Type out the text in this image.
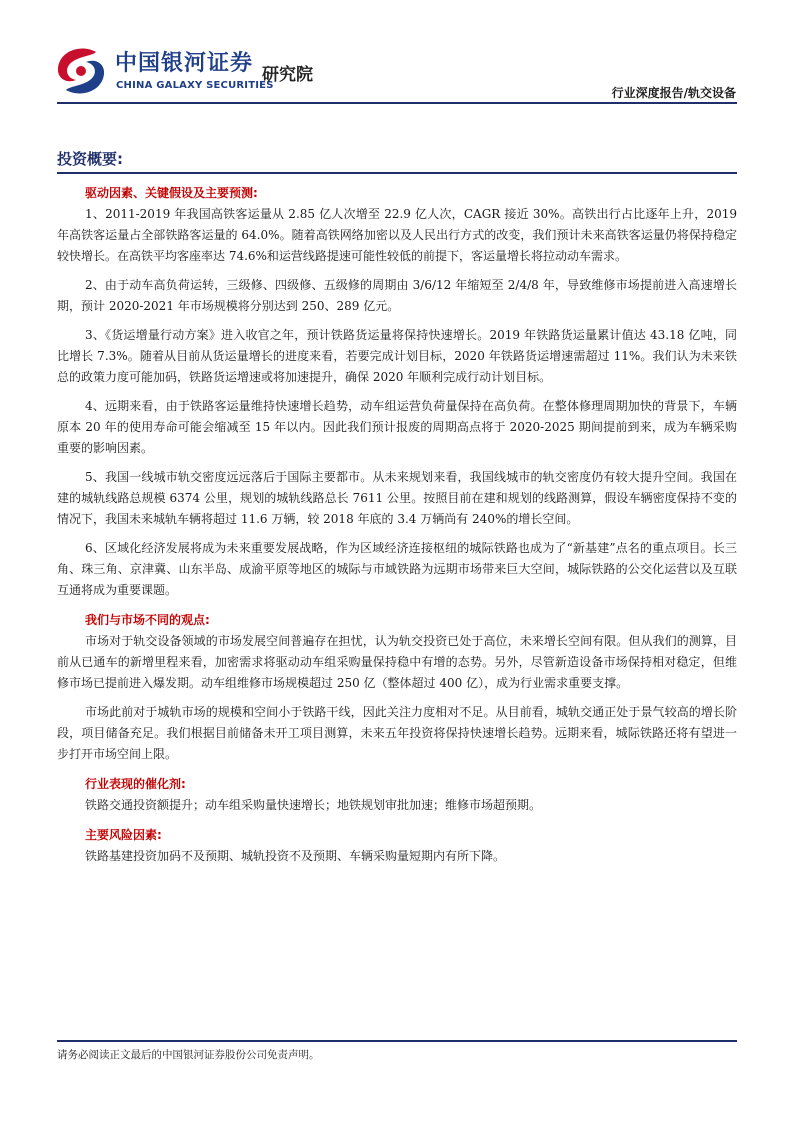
中国银河证券
CHINA GALAXY SECURITIES
研究院
行业深度报告/轨交设备
投资概要:
驱动因素、关键假设及主要预测:

1、2011-2019 年我国高铁客运量从 2.85 亿人次增至 22.9 亿人次，CAGR 接近 30%。高铁出行占比逐年上升，2019 年高铁客运量占全部铁路客运量的 64.0%。随着高铁网络加密以及人民出行方式的改变，我们预计未来高铁客运量仍将保持稳定较快增长。在高铁平均客座率达 74.6%和运营线路提速可能性较低的前提下，客运量增长将拉动动车需求。

2、由于动车高负荷运转，三级修、四级修、五级修的周期由 3/6/12 年缩短至 2/4/8 年，导致维修市场提前进入高速增长期，预计 2020-2021 年市场规模将分别达到 250、289 亿元。

3、《货运增量行动方案》进入收官之年，预计铁路货运量将保持快速增长。2019 年铁路货运量累计值达 43.18 亿吨，同比增长 7.3%。随着从目前从货运量增长的进度来看，若要完成计划目标，2020 年铁路货运增速需超过 11%。我们认为未来铁总的政策力度可能加码，铁路货运增速或将加速提升，确保 2020 年顺利完成行动计划目标。

4、远期来看，由于铁路客运量维持快速增长趋势，动车组运营负荷量保持在高负荷。在整体修理周期加快的背景下，车辆原本 20 年的使用寿命可能会缩减至 15 年以内。因此我们预计报废的周期高点将于 2020-2025 期间提前到来，成为车辆采购重要的影响因素。

5、我国一线城市轨交密度远远落后于国际主要都市。从未来规划来看，我国线城市的轨交密度仍有较大提升空间。我国在建的城轨线路总规模 6374 公里，规划的城轨线路总长 7611 公里。按照目前在建和规划的线路测算，假设车辆密度保持不变的情况下，我国未来城轨车辆将超过 11.6 万辆，较 2018 年底的 3.4 万辆尚有 240%的增长空间。

6、区域化经济发展将成为未来重要发展战略，作为区域经济连接枢纽的城际铁路也成为了“新基建”点名的重点项目。长三角、珠三角、京津冀、山东半岛、成渝平原等地区的城际与市域铁路为远期市场带来巨大空间，城际铁路的公交化运营以及互联互通将成为重要课题。

我们与市场不同的观点:

市场对于轨交设备领域的市场发展空间普遍存在担忧，认为轨交投资已处于高位，未来增长空间有限。但从我们的测算，目前从已通车的新增里程来看，加密需求将驱动动车组采购量保持稳中有增的态势。另外，尽管新造设备市场保持相对稳定，但维修市场已提前进入爆发期。动车组维修市场规模超过 250 亿（整体超过 400 亿），成为行业需求重要支撑。

市场此前对于城轨市场的规模和空间小于铁路干线，因此关注力度相对不足。从目前看，城轨交通正处于景气较高的增长阶段，项目储备充足。我们根据目前储备未开工项目测算，未来五年投资将保持快速增长趋势。远期来看，城际铁路还将有望进一步打开市场空间上限。

行业表现的催化剂:

铁路交通投资额提升；动车组采购量快速增长；地铁规划审批加速；维修市场超预期。

主要风险因素:

铁路基建投资加码不及预期、城轨投资不及预期、车辆采购量短期内有所下降。

请务必阅读正文最后的中国银河证券股份公司免责声明。
